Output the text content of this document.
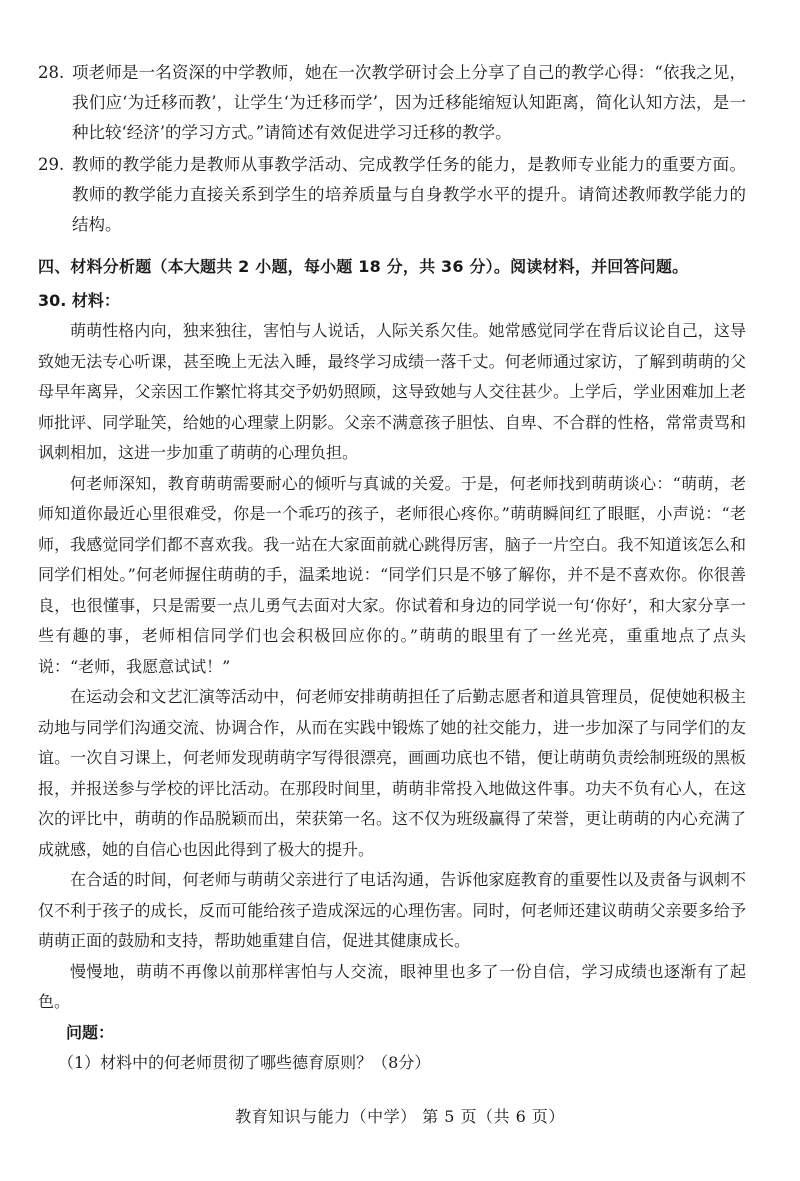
28. 项老师是一名资深的中学教师，她在一次教学研讨会上分享了自己的教学心得：“依我之见，我们应‘为迁移而教’，让学生‘为迁移而学’，因为迁移能缩短认知距离，简化认知方法，是一种比较‘经济’的学习方式。”请简述有效促进学习迁移的教学。
29. 教师的教学能力是教师从事教学活动、完成教学任务的能力，是教师专业能力的重要方面。教师的教学能力直接关系到学生的培养质量与自身教学水平的提升。请简述教师教学能力的结构。
四、材料分析题（本大题共 2 小题，每小题 18 分，共 36 分）。阅读材料，并回答问题。
30. 材料：

萌萌性格内向，独来独往，害怕与人说话，人际关系欠佳。她常感觉同学在背后议论自己，这导致她无法专心听课，甚至晚上无法入睡，最终学习成绩一落千丈。何老师通过家访，了解到萌萌的父母早年离异，父亲因工作繁忙将其交予奶奶照顾，这导致她与人交往甚少。上学后，学业困难加上老师批评、同学耻笑，给她的心理蒙上阴影。父亲不满意孩子胆怯、自卑、不合群的性格，常常责骂和讽刺相加，这进一步加重了萌萌的心理负担。

何老师深知，教育萌萌需要耐心的倾听与真诚的关爱。于是，何老师找到萌萌谈心：“萌萌，老师知道你最近心里很难受，你是一个乖巧的孩子，老师很心疼你。”萌萌瞬间红了眼眶，小声说：“老师，我感觉同学们都不喜欢我。我一站在大家面前就心跳得厉害，脑子一片空白。我不知道该怎么和同学们相处。”何老师握住萌萌的手，温柔地说：“同学们只是不够了解你，并不是不喜欢你。你很善良，也很懂事，只是需要一点儿勇气去面对大家。你试着和身边的同学说一句‘你好’，和大家分享一些有趣的事，老师相信同学们也会积极回应你的。”萌萌的眼里有了一丝光亮，重重地点了点头说：“老师，我愿意试试！”

在运动会和文艺汇演等活动中，何老师安排萌萌担任了后勤志愿者和道具管理员，促使她积极主动地与同学们沟通交流、协调合作，从而在实践中锻炼了她的社交能力，进一步加深了与同学们的友谊。一次自习课上，何老师发现萌萌字写得很漂亮，画画功底也不错，便让萌萌负责绘制班级的黑板报，并报送参与学校的评比活动。在那段时间里，萌萌非常投入地做这件事。功夫不负有心人，在这次的评比中，萌萌的作品脱颖而出，荣获第一名。这不仅为班级赢得了荣誉，更让萌萌的内心充满了成就感，她的自信心也因此得到了极大的提升。

在合适的时间，何老师与萌萌父亲进行了电话沟通，告诉他家庭教育的重要性以及责备与讽刺不仅不利于孩子的成长，反而可能给孩子造成深远的心理伤害。同时，何老师还建议萌萌父亲要多给予萌萌正面的鼓励和支持，帮助她重建自信，促进其健康成长。

慢慢地，萌萌不再像以前那样害怕与人交流，眼神里也多了一份自信，学习成绩也逐渐有了起色。

问题：
（1）材料中的何老师贯彻了哪些德育原则？（8分）
教育知识与能力（中学） 第 5 页（共 6 页）
